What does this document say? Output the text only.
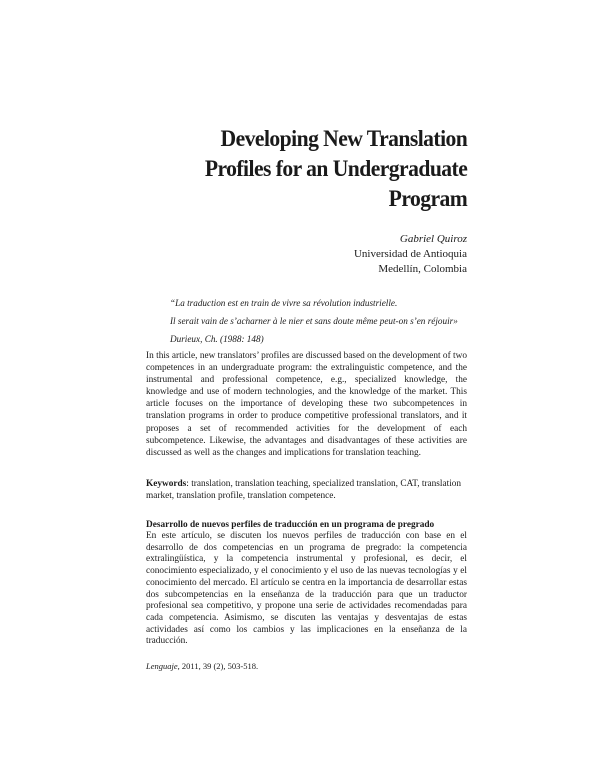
Developing New Translation
Profiles for an Undergraduate
Program
Gabriel Quiroz
Universidad de Antioquia
Medellín, Colombia
“La traduction est en train de vivre sa révolution industrielle.
Il serait vain de s’acharner à le nier et sans doute même peut-on s’en réjouir»
Durieux, Ch. (1988: 148)
In this article, new translators’ profiles are discussed based on the development of two competences in an undergraduate program: the extralinguistic competence, and the instrumental and professional competence, e.g., specialized knowledge, the knowledge and use of modern technologies, and the knowledge of the market. This article focuses on the importance of developing these two subcompetences in translation programs in order to produce competitive professional translators, and it proposes a set of recommended activities for the development of each subcompetence. Likewise, the advantages and disadvantages of these activities are discussed as well as the changes and implications for translation teaching.
Keywords: translation, translation teaching, specialized translation, CAT, translation market, translation profile, translation competence.
Desarrollo de nuevos perfiles de traducción en un programa de pregrado
En este artículo, se discuten los nuevos perfiles de traducción con base en el desarrollo de dos competencias en un programa de pregrado: la competencia extralingüística, y la competencia instrumental y profesional, es decir, el conocimiento especializado, y el conocimiento y el uso de las nuevas tecnologías y el conocimiento del mercado. El artículo se centra en la importancia de desarrollar estas dos subcompetencias en la enseñanza de la traducción para que un traductor profesional sea competitivo, y propone una serie de actividades recomendadas para cada competencia. Asimismo, se discuten las ventajas y desventajas de estas actividades así como los cambios y las implicaciones en la enseñanza de la traducción.
Lenguaje, 2011, 39 (2), 503-518.
